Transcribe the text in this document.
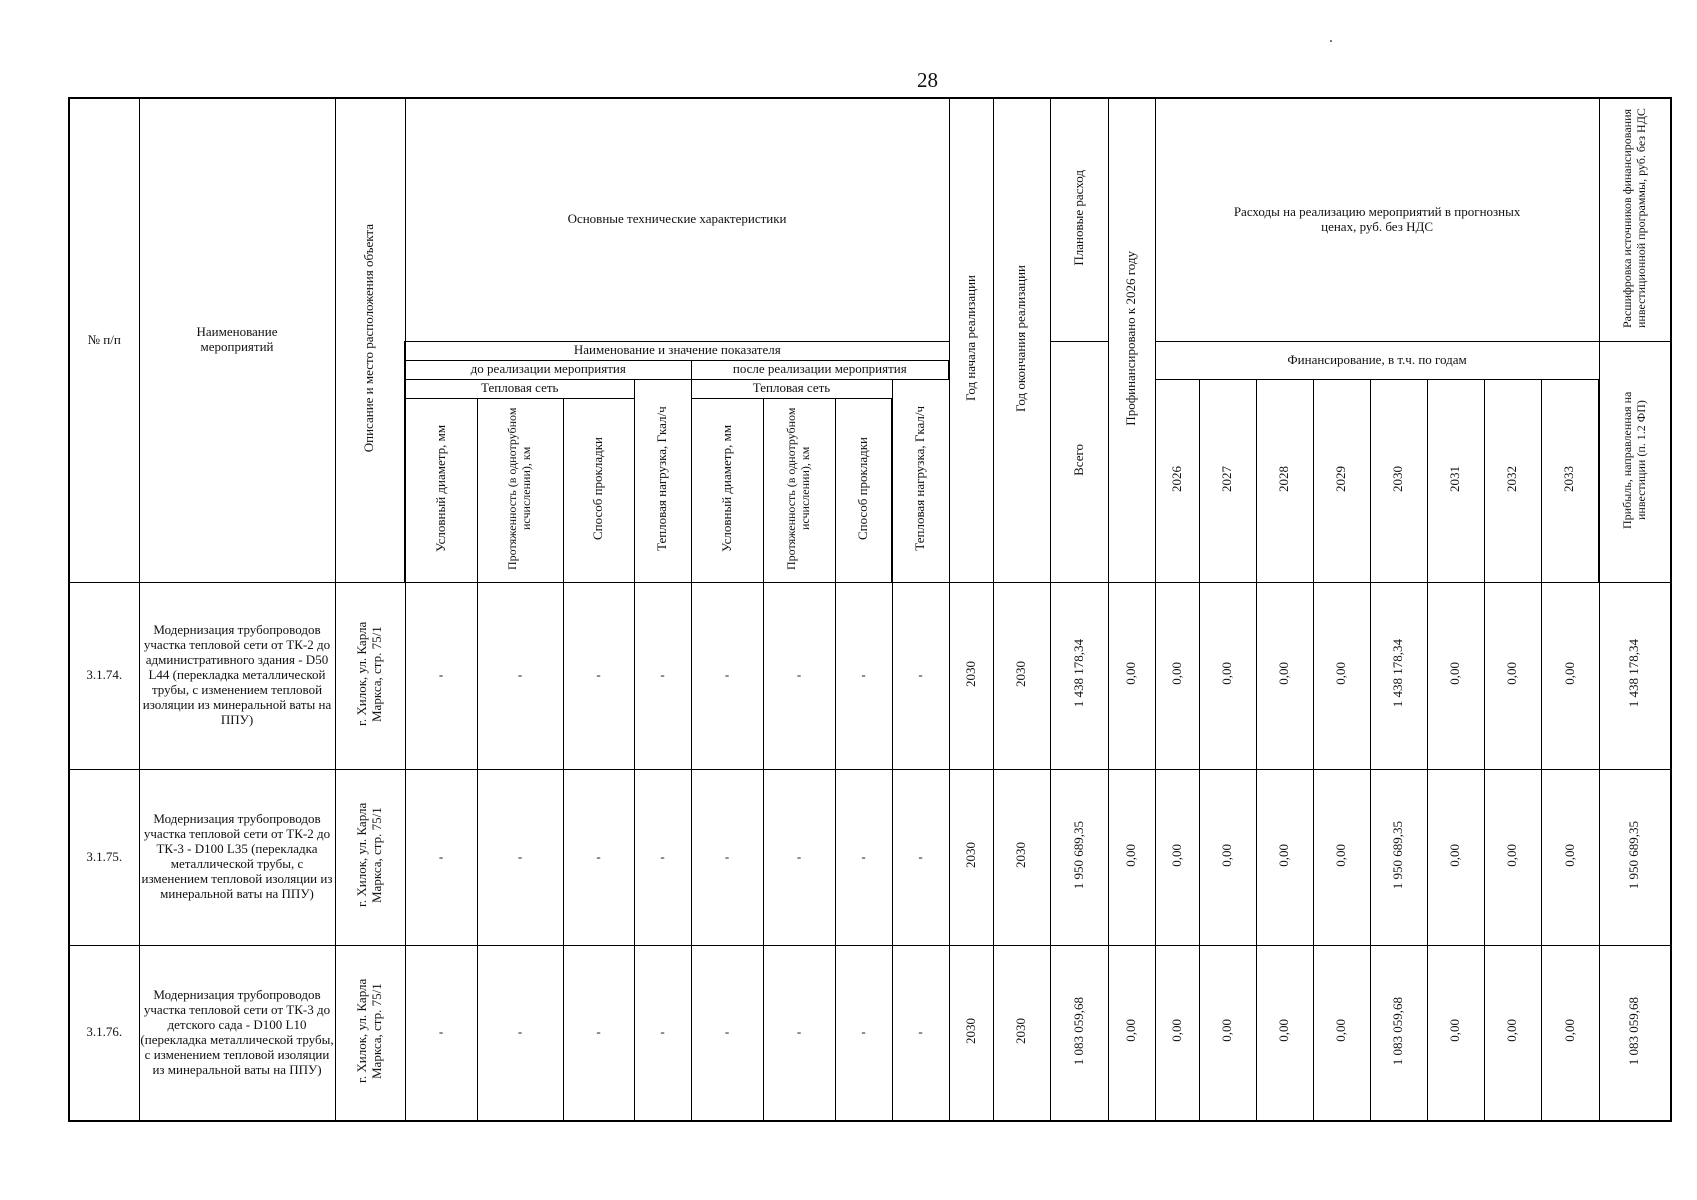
28
№ п/п	Наименование мероприятий	Описание и место расположения объекта	Основные технические характеристики								Год начала реализации	Год окончания реализации	Плановые расход	Профинансировано к 2026 году	Расходы на реализацию мероприятий в прогнозных ценах, руб. без НДС								Расшифровка источников финансирования инвестиционной программы, руб. без НДС
			Наименование и значение показателя										Всего		Финансирование, в т.ч. по годам								Прибыль, направленная на инвестиции (п. 1.2 ФП)
			до реализации мероприятия				после реализации мероприятия																
			Тепловая сеть			Тепловая нагрузка, Гкал/ч	Тепловая сеть			Тепловая нагрузка, Гкал/ч					2026	2027	2028	2029	2030	2031	2032	2033	
			Условный диаметр, мм	Протяженность (в однотрубном исчислении), км	Способ прокладки		Условный диаметр, мм	Протяженность (в однотрубном исчислении), км	Способ прокладки														
3.1.74.	Модернизация трубопроводов участка тепловой сети от ТК-2 до административного здания - D50 L44 (перекладка металлической трубы, с изменением тепловой изоляции из минеральной ваты на ППУ)	г. Хилок, ул. Карла Маркса, стр. 75/1	-	-	-	-	-	-	-	-	2030	2030	1 438 178,34	0,00	0,00	0,00	0,00	0,00	1 438 178,34	0,00	0,00	0,00	1 438 178,34
3.1.75.	Модернизация трубопроводов участка тепловой сети от ТК-2 до ТК-3 - D100 L35 (перекладка металлической трубы, с изменением тепловой изоляции из минеральной ваты на ППУ)	г. Хилок, ул. Карла Маркса, стр. 75/1	-	-	-	-	-	-	-	-	2030	2030	1 950 689,35	0,00	0,00	0,00	0,00	0,00	1 950 689,35	0,00	0,00	0,00	1 950 689,35
3.1.76.	Модернизация трубопроводов участка тепловой сети от ТК-3 до детского сада - D100 L10 (перекладка металлической трубы, с изменением тепловой изоляции из минеральной ваты на ППУ)	г. Хилок, ул. Карла Маркса, стр. 75/1	-	-	-	-	-	-	-	-	2030	2030	1 083 059,68	0,00	0,00	0,00	0,00	0,00	1 083 059,68	0,00	0,00	0,00	1 083 059,68
